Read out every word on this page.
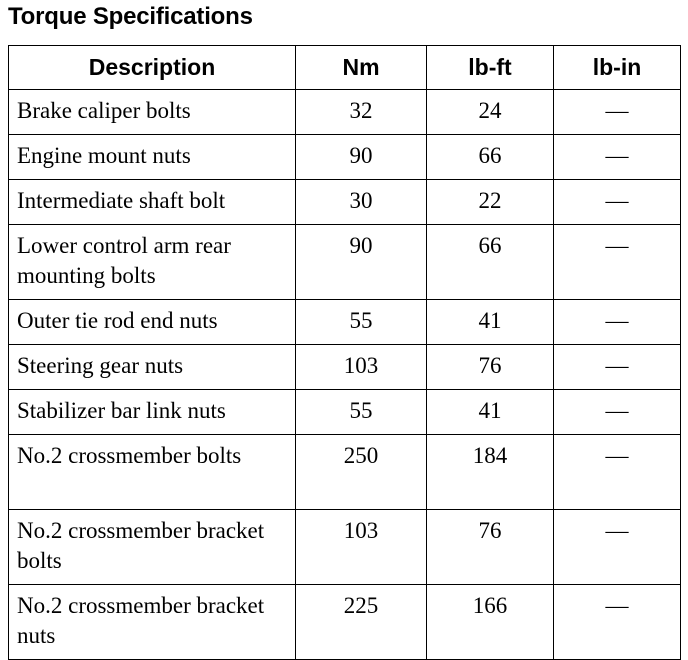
Torque Specifications
Description	Nm	lb-ft	lb-in
Brake caliper bolts	32	24	—
Engine mount nuts	90	66	—
Intermediate shaft bolt	30	22	—
Lower control arm rear mounting bolts	90	66	—
Outer tie rod end nuts	55	41	—
Steering gear nuts	103	76	—
Stabilizer bar link nuts	55	41	—
No.2 crossmember bolts	250	184	—
No.2 crossmember bracket bolts	103	76	—
No.2 crossmember bracket nuts	225	166	—
